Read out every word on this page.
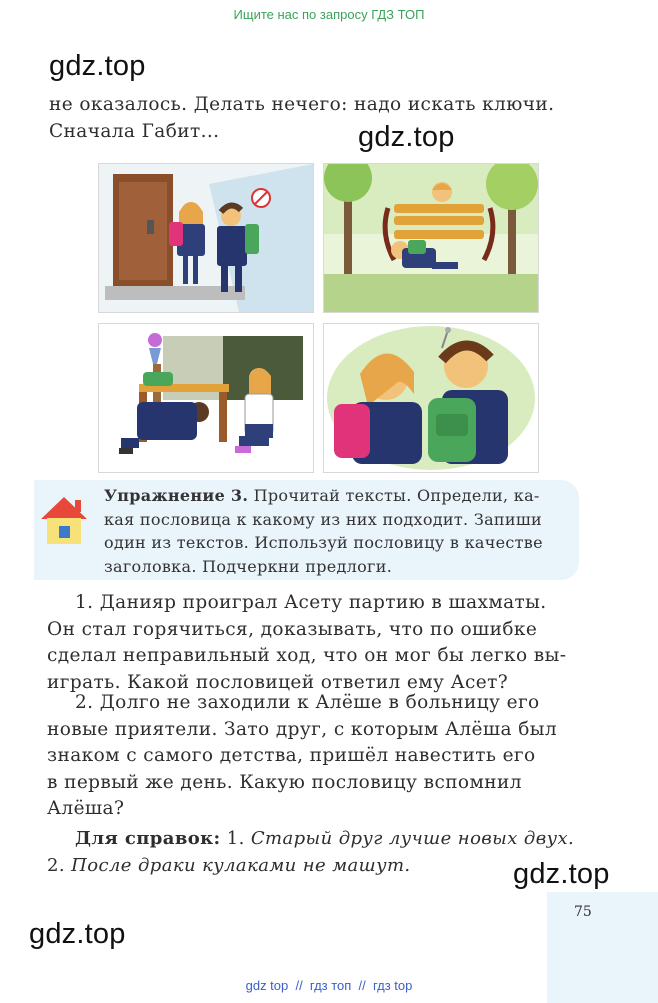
Ищите нас по запросу ГДЗ ТОП
gdz.top
не оказалось. Делать нечего: надо искать ключи.
Сначала Габит...	gdz.top
Упражнение 3. Прочитай тексты. Определи, ка-
кая пословица к какому из них подходит. Запиши
один из текстов. Используй пословицу в качестве
заголовка. Подчеркни предлоги.
1. Данияр проиграл Асету партию в шахматы.
Он стал горячиться, доказывать, что по ошибке
сделал неправильный ход, что он мог бы легко вы-
играть. Какой пословицей ответил ему Асет?
2. Долго не заходили к Алёше в больницу его
новые приятели. Зато друг, с которым Алёша был
знаком с самого детства, пришёл навестить его
в первый же день. Какую пословицу вспомнил
Алёша?
Для справок: 1. Старый друг лучше новых двух.
2. После драки кулаками не машут.	gdz.top
75
gdz.top
gdz top  //  гдз топ  //  гдз top
